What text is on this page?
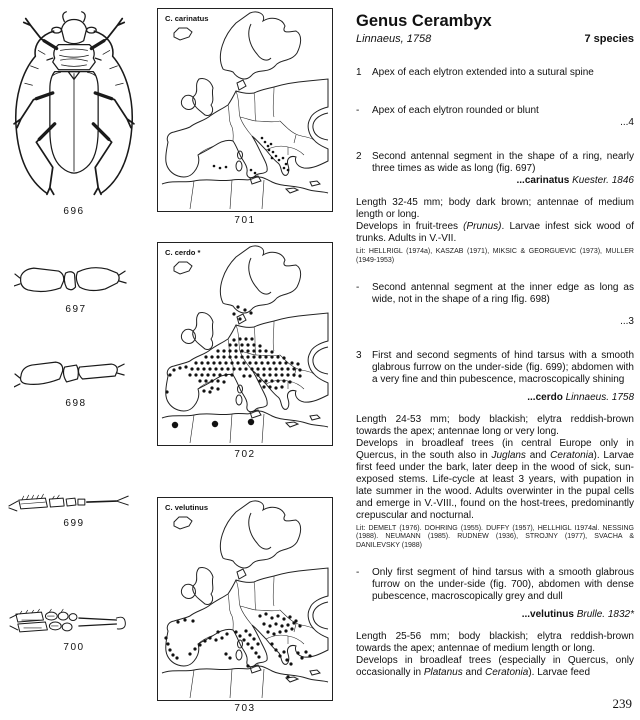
696
697
698
699
700
C. carinatus
701
C. cerdo *
702
C. velutinus
703
Genus Cerambyx
Linnaeus, 1758	7 species
1	Apex of each elytron extended into a sutural spine
-	Apex of each elytron rounded or blunt
...4
2	Second antennal segment in the shape of a ring, nearly three times as wide as long (fig. 697)
...carinatus Kuester. 1846

Length 32-45 mm; body dark brown; antennae of medium length or long.

Develops in fruit-trees (Prunus). Larvae infest sick wood of trunks. Adults in V.-VII.

Lit: HELLRIGL (1974a), KASZAB (1971), MIKSIC & GEORGUEVIC (1973), MULLER (1949-1953)
-	Second antennal segment at the inner edge as long as wide, not in the shape of a ring Ifig. 698)
...3
3	First and second segments of hind tarsus with a smooth glabrous furrow on the under-side (fig. 699); abdomen with a very fine and thin pubescence, macroscopically shining
...cerdo Linnaeus. 1758

Length 24-53 mm; body blackish; elytra reddish-brown towards the apex; antennae long or very long.

Develops in broadleaf trees (in central Europe only in Quercus, in the south also in Juglans and Ceratonia). Larvae first feed under the bark, later deep in the wood of sick, sun-exposed stems. Life-cycle at least 3 years, with pupation in late summer in the wood. Adults overwinter in the pupal cells and emerge in V.-VIII., found on the host-trees, predominantly crepuscular and nocturnal.

Lit: DEMELT (1976). DOHRING (1955). DUFFY (1957), HELLHIGL I1974al. NESSING (1988). NEUMANN (1985). RUDNEW (1936), STROJNY (1977), SVACHA & DANILEVSKY (1988)
-	Only first segment of hind tarsus with a smooth glabrous furrow on the under-side (fig. 700), abdomen with dense pubescence, macroscopically grey and dull
...velutinus Brulle. 1832*

Length 25-56 mm; body blackish; elytra reddish-brown towards the apex; antennae of medium length or long.

Develops in broadleaf trees (especially in Quercus, only occasionally in Platanus and Ceratonia). Larvae feed

239
